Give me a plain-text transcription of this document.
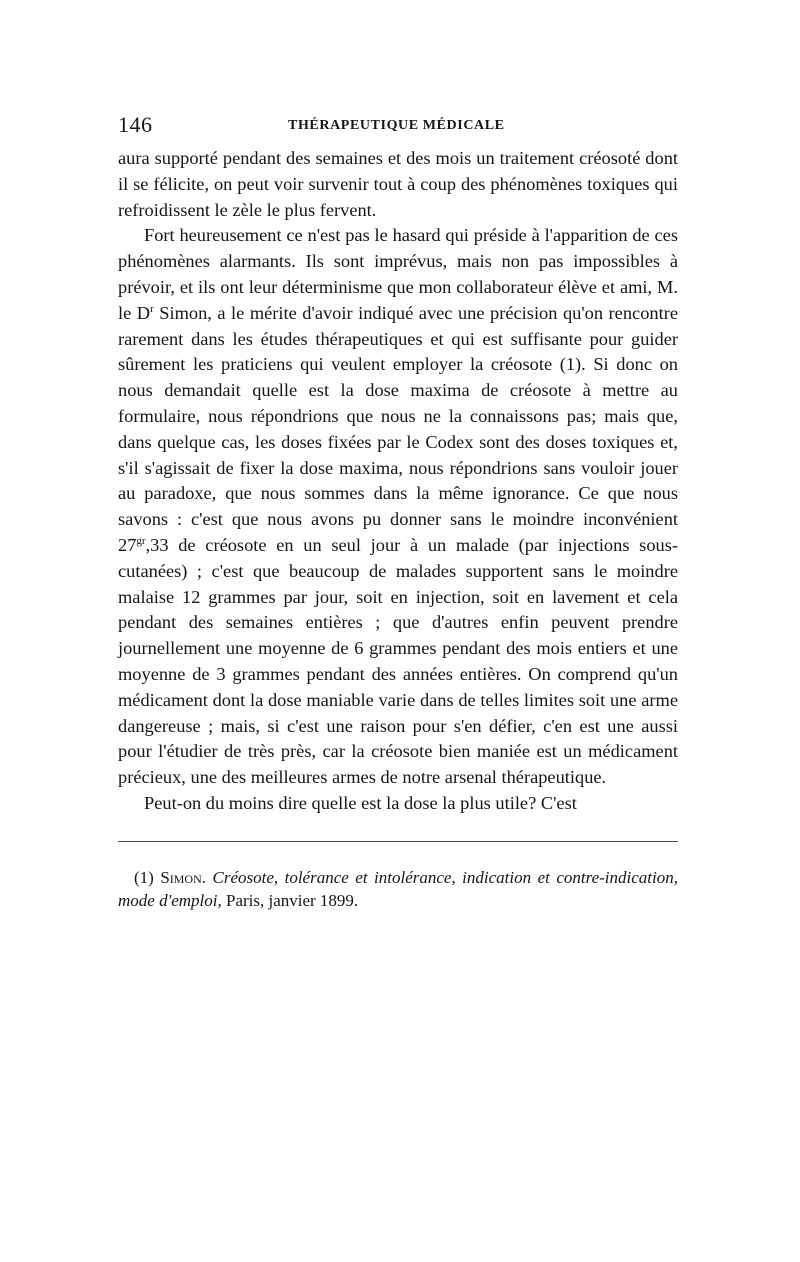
146	THÉRAPEUTIQUE MÉDICALE

aura supporté pendant des semaines et des mois un traitement créosoté dont il se félicite, on peut voir survenir tout à coup des phénomènes toxiques qui refroidissent le zèle le plus fervent.

Fort heureusement ce n'est pas le hasard qui préside à l'apparition de ces phénomènes alarmants. Ils sont imprévus, mais non pas impossibles à prévoir, et ils ont leur déterminisme que mon collaborateur élève et ami, M. le $D^r$ Simon, a le mérite d'avoir indiqué avec une précision qu'on rencontre rarement dans les études thérapeutiques et qui est suffisante pour guider sûrement les praticiens qui veulent employer la créosote (1). Si donc on nous demandait quelle est la dose maxima de créosote à mettre au formulaire, nous répondrions que nous ne la connaissons pas; mais que, dans quelque cas, les doses fixées par le Codex sont des doses toxiques et, s'il s'agissait de fixer la dose maxima, nous répondrions sans vouloir jouer au paradoxe, que nous sommes dans la même ignorance. Ce que nous savons : c'est que nous avons pu donner sans le moindre inconvénient $27^{gr},33$ de créosote en un seul jour à un malade (par injections sous-cutanées) ; c'est que beaucoup de malades supportent sans le moindre malaise 12 grammes par jour, soit en injection, soit en lavement et cela pendant des semaines entières ; que d'autres enfin peuvent prendre journellement une moyenne de 6 grammes pendant des mois entiers et une moyenne de 3 grammes pendant des années entières. On comprend qu'un médicament dont la dose maniable varie dans de telles limites soit une arme dangereuse ; mais, si c'est une raison pour s'en défier, c'en est une aussi pour l'étudier de très près, car la créosote bien maniée est un médicament précieux, une des meilleures armes de notre arsenal thérapeutique.

Peut-on du moins dire quelle est la dose la plus utile? C'est

(1) Simon. Créosote, tolérance et intolérance, indication et contre-indication, mode d'emploi, Paris, janvier 1899.
